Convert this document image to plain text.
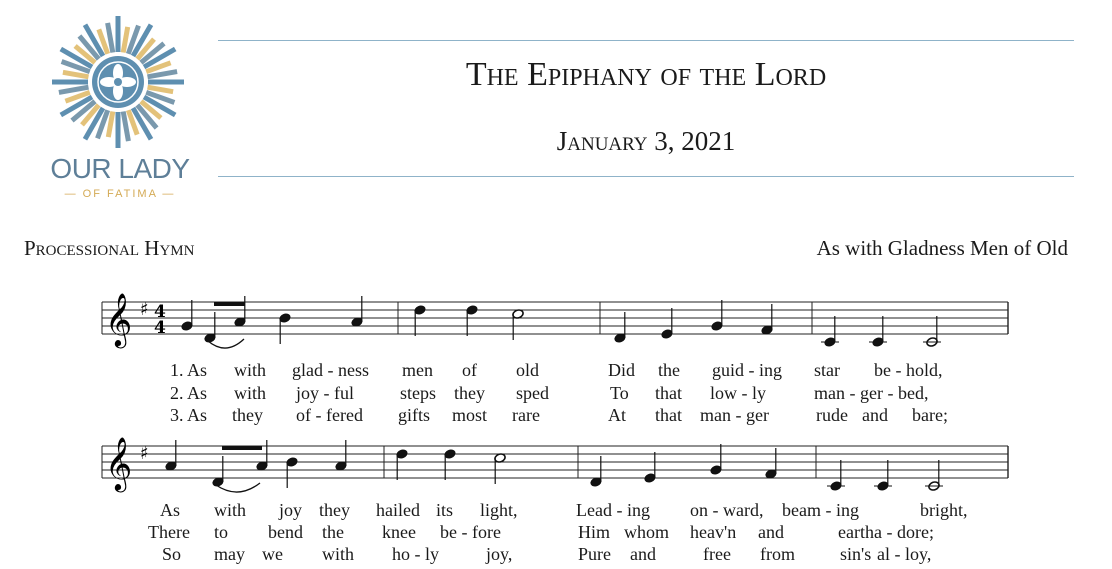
OUR LADY
— OF FATIMA —
The Epiphany of the Lord
January 3, 2021
Processional Hymn	As with Gladness Men of Old
𝄞 ♯ 4
4
𝄞 ♯
1. As with glad - ness men of old	Did the guid - ing star be - hold,
2. As with joy - ful	steps they sped	To that low - ly	man - ger - bed,
3. As they of - fered gifts most rare	At that man - ger	rude and bare;
As with joy they hailed its light,	Lead - ing on - ward, beam - ing	bright,
There to bend the knee be - fore	Him whom heav'n and	earth a - dore;
So may we with ho - ly	joy,	Pure and	free from	sin's al - loy,
